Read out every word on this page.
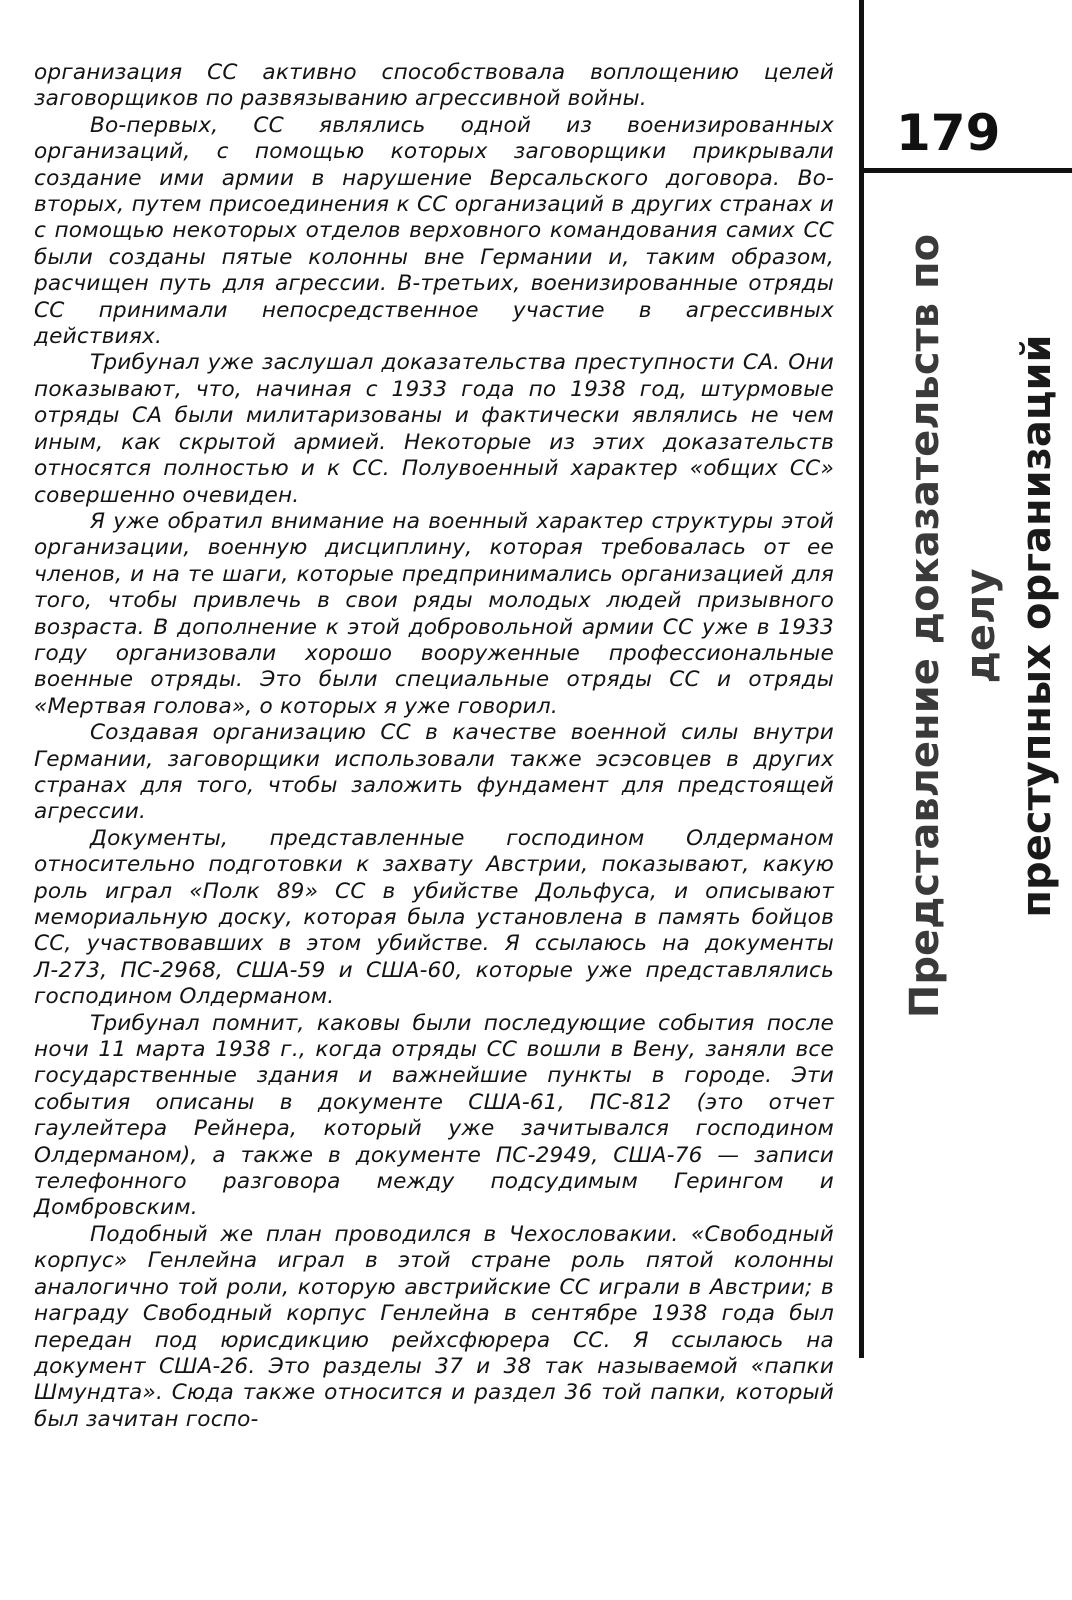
организация СС активно способствовала воплощению целей заговорщиков по развязыванию агрессивной войны.

Во-первых, СС являлись одной из военизированных организаций, с помощью которых заговорщики прикрывали создание ими армии в нарушение Версальского договора. Во-вторых, путем присоединения к СС организаций в других странах и с помощью некоторых отделов верховного командования самих СС были созданы пятые колонны вне Германии и, таким образом, расчищен путь для агрессии. В-третьих, военизированные отряды СС принимали непосредственное участие в агрессивных действиях.

Трибунал уже заслушал доказательства преступности СА. Они показывают, что, начиная с 1933 года по 1938 год, штурмовые отряды СА были милитаризованы и фактически являлись не чем иным, как скрытой армией. Некоторые из этих доказательств относятся полностью и к СС. Полувоенный характер «общих СС» совершенно очевиден.

Я уже обратил внимание на военный характер структуры этой организации, военную дисциплину, которая требовалась от ее членов, и на те шаги, которые предпринимались организацией для того, чтобы привлечь в свои ряды молодых людей призывного возраста. В дополнение к этой добровольной армии СС уже в 1933 году организовали хорошо вооруженные профессиональные военные отряды. Это были специальные отряды СС и отряды «Мертвая голова», о которых я уже говорил.

Создавая организацию СС в качестве военной силы внутри Германии, заговорщики использовали также эсэсовцев в других странах для того, чтобы заложить фундамент для предстоящей агрессии.

Документы, представленные господином Олдерманом относительно подготовки к захвату Австрии, показывают, какую роль играл «Полк 89» СС в убийстве Дольфуса, и описывают мемориальную доску, которая была установлена в память бойцов СС, участвовавших в этом убийстве. Я ссылаюсь на документы Л-273, ПС-2968, США-59 и США-60, которые уже представлялись господином Олдерманом.

Трибунал помнит, каковы были последующие события после ночи 11 марта 1938 г., когда отряды СС вошли в Вену, заняли все государственные здания и важнейшие пункты в городе. Эти события описаны в документе США-61, ПС-812 (это отчет гаулейтера Рейнера, который уже зачитывался господином Олдерманом), а также в документе ПС-2949, США-76 — записи телефонного разговора между подсудимым Герингом и Домбровским.

Подобный же план проводился в Чехословакии. «Свободный корпус» Генлейна играл в этой стране роль пятой колонны аналогично той роли, которую австрийские СС играли в Австрии; в награду Свободный корпус Генлейна в сентябре 1938 года был передан под юрисдикцию рейхсфюрера СС. Я ссылаюсь на документ США-26. Это разделы 37 и 38 так называемой «папки Шмундта». Сюда также относится и раздел 36 той папки, который был зачитан госпо-

179
Представление доказательств по делу преступных организаций
